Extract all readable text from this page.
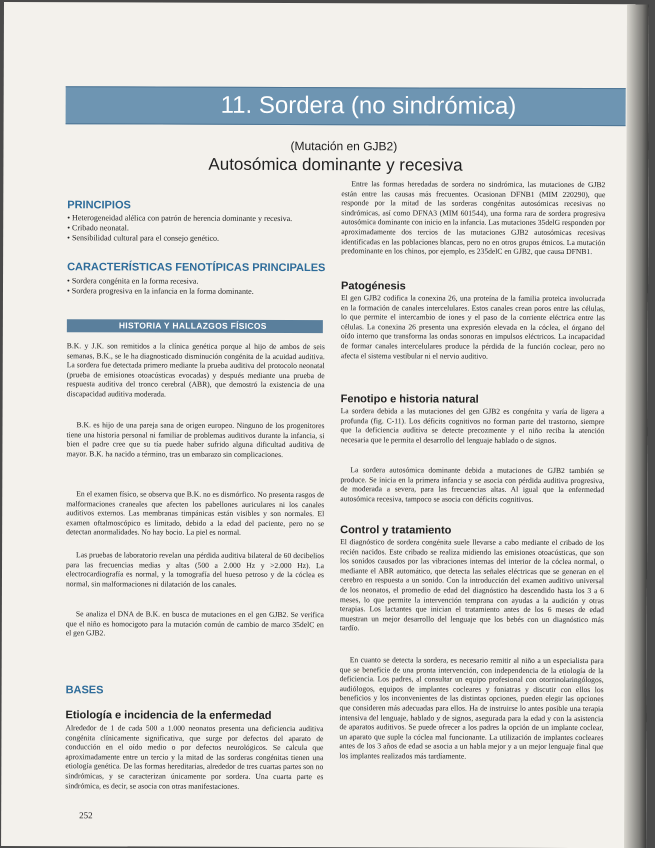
11. Sordera (no sindrómica)
(Mutación en GJB2)
Autosómica dominante y recesiva
PRINCIPIOS
• Heterogeneidad alélica con patrón de herencia dominante y recesiva.
• Cribado neonatal.
• Sensibilidad cultural para el consejo genético.
CARACTERÍSTICAS FENOTÍPICAS PRINCIPALES
• Sordera congénita en la forma recesiva.
• Sordera progresiva en la infancia en la forma dominante.
HISTORIA Y HALLAZGOS FÍSICOS

B.K. y J.K. son remitidos a la clínica genética porque al hijo de ambos de seis semanas, B.K., se le ha diagnosticado disminución congénita de la acuidad auditiva. La sordera fue detectada primero mediante la prueba auditiva del protocolo neonatal (prueba de emisiones otoacústicas evocadas) y después mediante una prueba de respuesta auditiva del tronco cerebral (ABR), que demostró la existencia de una discapacidad auditiva moderada.

B.K. es hijo de una pareja sana de origen europeo. Ninguno de los progenitores tiene una historia personal ni familiar de problemas auditivos durante la infancia, si bien el padre cree que su tía puede haber sufrido alguna dificultad auditiva de mayor. B.K. ha nacido a término, tras un embarazo sin complicaciones.

En el examen físico, se observa que B.K. no es dismórfico. No presenta rasgos de malformaciones craneales que afecten los pabellones auriculares ni los canales auditivos externos. Las membranas timpánicas están visibles y son normales. El examen oftalmoscópico es limitado, debido a la edad del paciente, pero no se detectan anormalidades. No hay bocio. La piel es normal.

Las pruebas de laboratorio revelan una pérdida auditiva bilateral de 60 decibelios para las frecuencias medias y altas (500 a 2.000 Hz y >2.000 Hz). La electrocardiografía es normal, y la tomografía del hueso petroso y de la cóclea es normal, sin malformaciones ni dilatación de los canales.

Se analiza el DNA de B.K. en busca de mutaciones en el gen GJB2. Se verifica que el niño es homocigoto para la mutación común de cambio de marco 35delC en el gen GJB2.

BASES
Etiología e incidencia de la enfermedad

Alrededor de 1 de cada 500 a 1.000 neonatos presenta una deficiencia auditiva congénita clínicamente significativa, que surge por defectos del aparato de conducción en el oído medio o por defectos neurológicos. Se calcula que aproximadamente entre un tercio y la mitad de las sorderas congénitas tienen una etiología genética. De las formas hereditarias, alrededor de tres cuartas partes son no sindrómicas, y se caracterizan únicamente por sordera. Una cuarta parte es sindrómica, es decir, se asocia con otras manifestaciones.

Entre las formas heredadas de sordera no sindrómica, las mutaciones de GJB2 están entre las causas más frecuentes. Ocasionan DFNB1 (MIM 220290), que responde por la mitad de las sorderas congénitas autosómicas recesivas no sindrómicas, así como DFNA3 (MIM 601544), una forma rara de sordera progresiva autosómica dominante con inicio en la infancia. Las mutaciones 35delG responden por aproximadamente dos tercios de las mutaciones GJB2 autosómicas recesivas identificadas en las poblaciones blancas, pero no en otros grupos étnicos. La mutación predominante en los chinos, por ejemplo, es 235delC en GJB2, que causa DFNB1.

Patogénesis

El gen GJB2 codifica la conexina 26, una proteína de la familia proteica involucrada en la formación de canales intercelulares. Estos canales crean poros entre las células, lo que permite el intercambio de iones y el paso de la corriente eléctrica entre las células. La conexina 26 presenta una expresión elevada en la cóclea, el órgano del oído interno que transforma las ondas sonoras en impulsos eléctricos. La incapacidad de formar canales intercelulares produce la pérdida de la función coclear, pero no afecta el sistema vestibular ni el nervio auditivo.

Fenotipo e historia natural

La sordera debida a las mutaciones del gen GJB2 es congénita y varía de ligera a profunda (fig. C-11). Los déficits cognitivos no forman parte del trastorno, siempre que la deficiencia auditiva se detecte precozmente y el niño reciba la atención necesaria que le permita el desarrollo del lenguaje hablado o de signos.

La sordera autosómica dominante debida a mutaciones de GJB2 también se produce. Se inicia en la primera infancia y se asocia con pérdida auditiva progresiva, de moderada a severa, para las frecuencias altas. Al igual que la enfermedad autosómica recesiva, tampoco se asocia con déficits cognitivos.

Control y tratamiento

El diagnóstico de sordera congénita suele llevarse a cabo mediante el cribado de los recién nacidos. Este cribado se realiza midiendo las emisiones otoacústicas, que son los sonidos causados por las vibraciones internas del interior de la cóclea normal, o mediante el ABR automático, que detecta las señales eléctricas que se generan en el cerebro en respuesta a un sonido. Con la introducción del examen auditivo universal de los neonatos, el promedio de edad del diagnóstico ha descendido hasta los 3 a 6 meses, lo que permite la intervención temprana con ayudas a la audición y otras terapias. Los lactantes que inician el tratamiento antes de los 6 meses de edad muestran un mejor desarrollo del lenguaje que los bebés con un diagnóstico más tardío.

En cuanto se detecta la sordera, es necesario remitir al niño a un especialista para que se beneficie de una pronta intervención, con independencia de la etiología de la deficiencia. Los padres, al consultar un equipo profesional con otorrinolaringólogos, audiólogos, equipos de implantes cocleares y foniatras y discutir con ellos los beneficios y los inconvenientes de las distintas opciones, pueden elegir las opciones que consideren más adecuadas para ellos. Ha de instruirse lo antes posible una terapia intensiva del lenguaje, hablado y de signos, asegurada para la edad y con la asistencia de aparatos auditivos. Se puede ofrecer a los padres la opción de un implante coclear, un aparato que suple la cóclea mal funcionante. La utilización de implantes cocleares antes de los 3 años de edad se asocia a un habla mejor y a un mejor lenguaje final que los implantes realizados más tardíamente.

252
